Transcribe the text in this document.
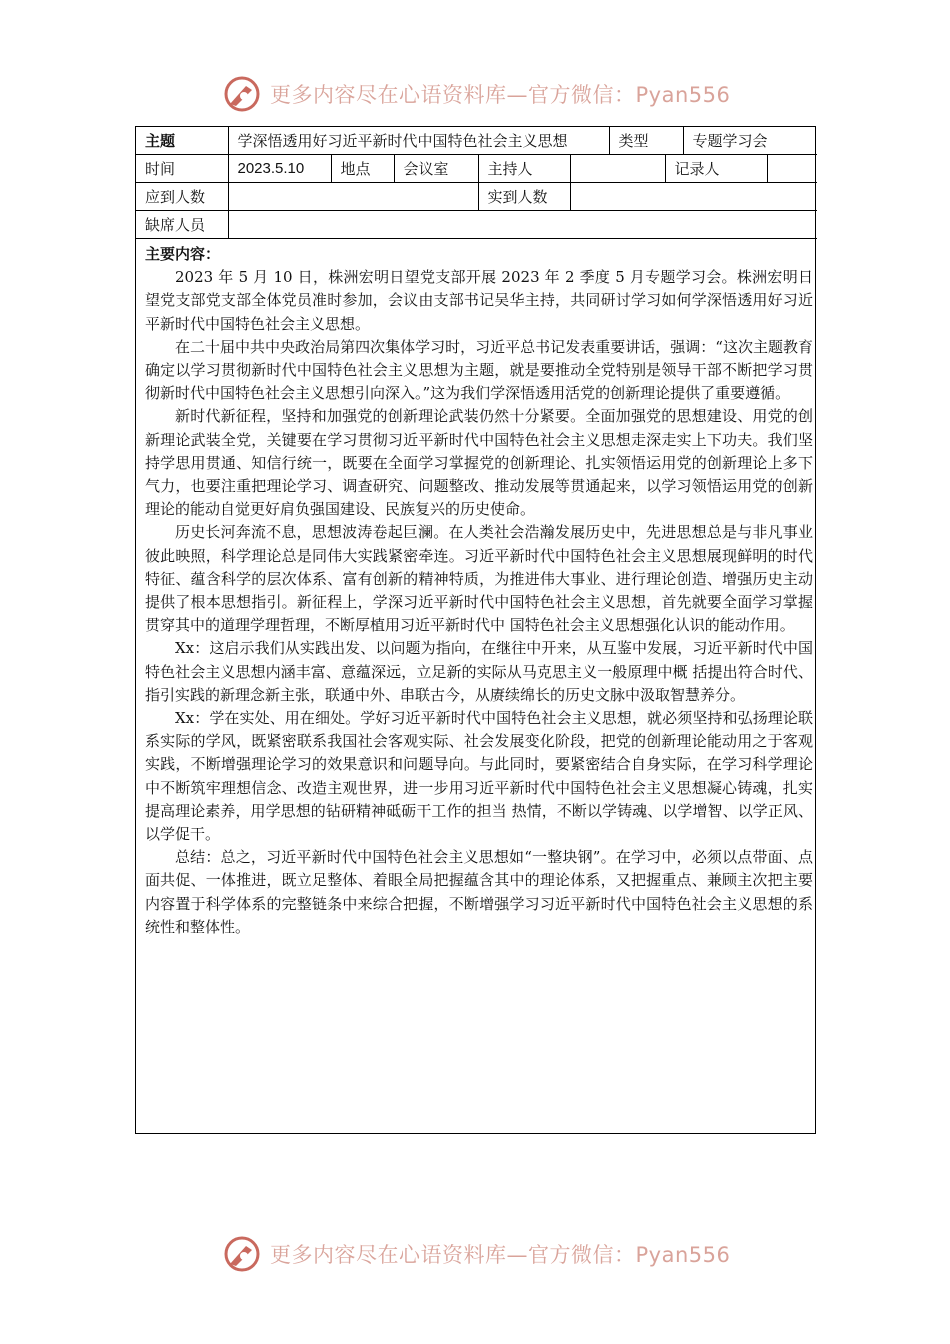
更多内容尽在心语资料库—官方微信：Pyan556
主题	学深悟透用好习近平新时代中国特色社会主义思想					类型		专题学习会	
时间	2023.5.10	地点	会议室	主持人			记录人		
应到人数				实到人数					
缺席人员									
主要内容：

2023 年 5 月 10 日，株洲宏明日望党支部开展 2023 年 2 季度 5 月专题学习会。株洲宏明日望党支部党支部全体党员准时参加，会议由支部书记吴华主持，共同研讨学习如何学深悟透用好习近平新时代中国特色社会主义思想。

在二十届中共中央政治局第四次集体学习时，习近平总书记发表重要讲话，强调：“这次主题教育确定以学习贯彻新时代中国特色社会主义思想为主题，就是要推动全党特别是领导干部不断把学习贯彻新时代中国特色社会主义思想引向深入。”这为我们学深悟透用活党的创新理论提供了重要遵循。

新时代新征程，坚持和加强党的创新理论武装仍然十分紧要。全面加强党的思想建设、用党的创新理论武装全党，关键要在学习贯彻习近平新时代中国特色社会主义思想走深走实上下功夫。我们坚持学思用贯通、知信行统一，既要在全面学习掌握党的创新理论、扎实领悟运用党的创新理论上多下气力，也要注重把理论学习、调查研究、问题整改、推动发展等贯通起来，以学习领悟运用党的创新理论的能动自觉更好肩负强国建设、民族复兴的历史使命。

历史长河奔流不息，思想波涛卷起巨澜。在人类社会浩瀚发展历史中，先进思想总是与非凡事业彼此映照，科学理论总是同伟大实践紧密牵连。习近平新时代中国特色社会主义思想展现鲜明的时代特征、蕴含科学的层次体系、富有创新的精神特质，为推进伟大事业、进行理论创造、增强历史主动提供了根本思想指引。新征程上，学深习近平新时代中国特色社会主义思想，首先就要全面学习掌握贯穿其中的道理学理哲理，不断厚植用习近平新时代中 国特色社会主义思想强化认识的能动作用。

Xx：这启示我们从实践出发、以问题为指向，在继往中开来，从互鉴中发展，习近平新时代中国特色社会主义思想内涵丰富、意蕴深远，立足新的实际从马克思主义一般原理中概 括提出符合时代、指引实践的新理念新主张，联通中外、串联古今，从赓续绵长的历史文脉中汲取智慧养分。

Xx：学在实处、用在细处。学好习近平新时代中国特色社会主义思想，就必须坚持和弘扬理论联系实际的学风，既紧密联系我国社会客观实际、社会发展变化阶段，把党的创新理论能动用之于客观实践，不断增强理论学习的效果意识和问题导向。与此同时，要紧密结合自身实际，在学习科学理论中不断筑牢理想信念、改造主观世界，进一步用习近平新时代中国特色社会主义思想凝心铸魂，扎实提高理论素养，用学思想的钻研精神砥砺干工作的担当 热情，不断以学铸魂、以学增智、以学正风、以学促干。

总结：总之，习近平新时代中国特色社会主义思想如“一整块钢”。在学习中，必须以点带面、点面共促、一体推进，既立足整体、着眼全局把握蕴含其中的理论体系，又把握重点、兼顾主次把主要内容置于科学体系的完整链条中来综合把握，不断增强学习习近平新时代中国特色社会主义思想的系统性和整体性。

更多内容尽在心语资料库—官方微信：Pyan556
